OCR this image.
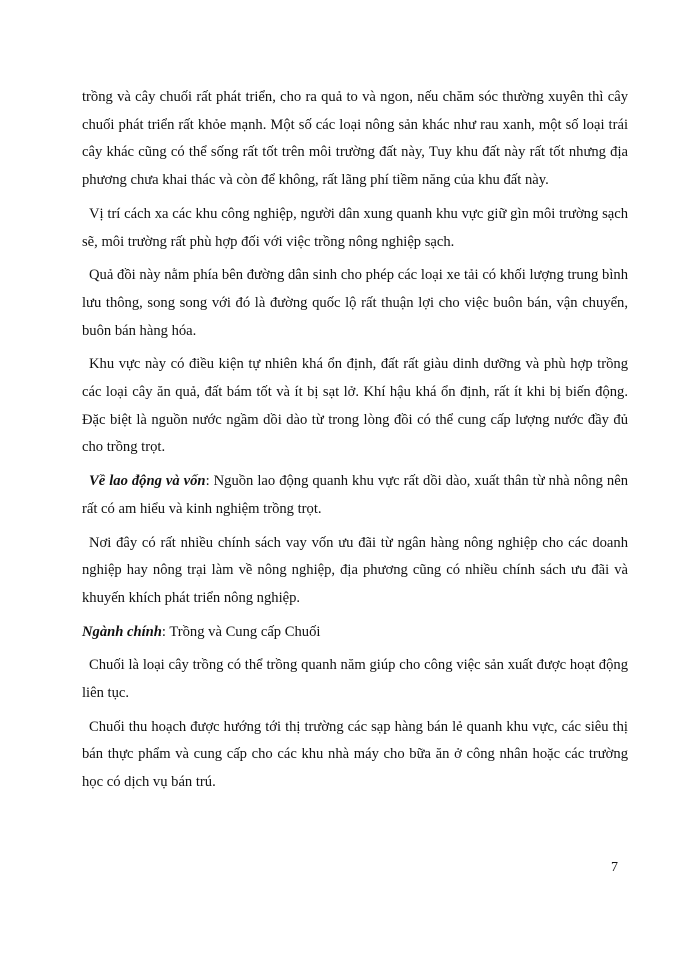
trồng và cây chuối rất phát triển, cho ra quả to và ngon, nếu chăm sóc thường xuyên thì cây chuối phát triển rất khỏe mạnh. Một số các loại nông sản khác như rau xanh, một số loại trái cây khác cũng có thể sống rất tốt trên môi trường đất này, Tuy khu đất này rất tốt nhưng địa phương chưa khai thác và còn để không, rất lãng phí tiềm năng của khu đất này.

Vị trí cách xa các khu công nghiệp, người dân xung quanh khu vực giữ gìn môi trường sạch sẽ, môi trường rất phù hợp đối với việc trồng nông nghiệp sạch.

Quả đồi này nằm phía bên đường dân sinh cho phép các loại xe tải có khối lượng trung bình lưu thông, song song với đó là đường quốc lộ rất thuận lợi cho việc buôn bán, vận chuyển, buôn bán hàng hóa.

Khu vực này có điều kiện tự nhiên khá ổn định, đất rất giàu dinh dưỡng và phù hợp trồng các loại cây ăn quả, đất bám tốt và ít bị sạt lở. Khí hậu khá ổn định, rất ít khi bị biến động. Đặc biệt là nguồn nước ngầm dồi dào từ trong lòng đồi có thể cung cấp lượng nước đầy đủ cho trồng trọt.

Về lao động và vốn: Nguồn lao động quanh khu vực rất dồi dào, xuất thân từ nhà nông nên rất có am hiểu và kinh nghiệm trồng trọt.

Nơi đây có rất nhiều chính sách vay vốn ưu đãi từ ngân hàng nông nghiệp cho các doanh nghiệp hay nông trại làm về nông nghiệp, địa phương cũng có nhiều chính sách ưu đãi và khuyến khích phát triển nông nghiệp.

Ngành chính: Trồng và Cung cấp Chuối

Chuối là loại cây trồng có thể trồng quanh năm giúp cho công việc sản xuất được hoạt động liên tục.

Chuối thu hoạch được hướng tới thị trường các sạp hàng bán lẻ quanh khu vực, các siêu thị bán thực phẩm và cung cấp cho các khu nhà máy cho bữa ăn ở công nhân hoặc các trường học có dịch vụ bán trú.

7
